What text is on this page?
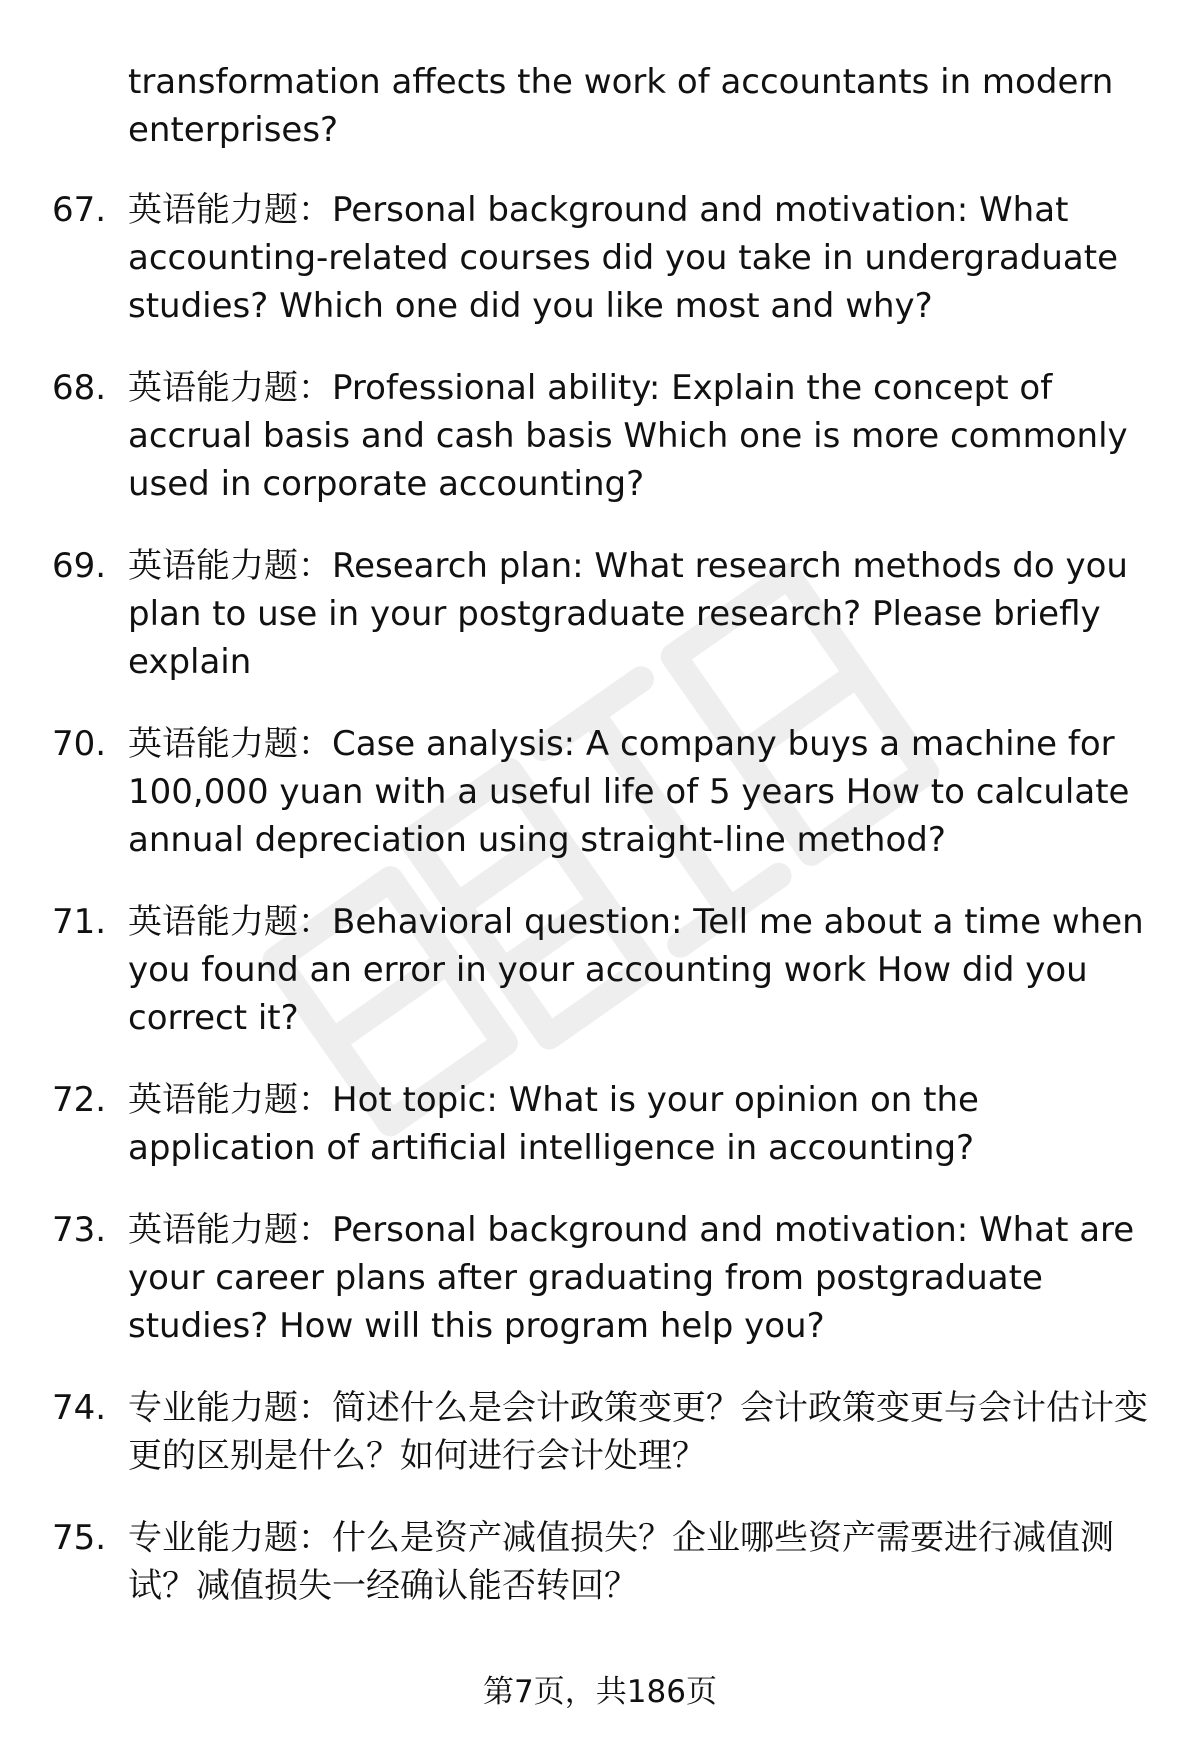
transformation affects the work of accountants in modern enterprises?
67. 英语能力题：Personal background and motivation: What accounting-related courses did you take in undergraduate studies? Which one did you like most and why?
68. 英语能力题：Professional ability: Explain the concept of accrual basis and cash basis Which one is more commonly used in corporate accounting?
69. 英语能力题：Research plan: What research methods do you plan to use in your postgraduate research? Please briefly explain
70. 英语能力题：Case analysis: A company buys a machine for 100,000 yuan with a useful life of 5 years How to calculate annual depreciation using straight-line method?
71. 英语能力题：Behavioral question: Tell me about a time when you found an error in your accounting work How did you correct it?
72. 英语能力题：Hot topic: What is your opinion on the application of artificial intelligence in accounting?
73. 英语能力题：Personal background and motivation: What are your career plans after graduating from postgraduate studies? How will this program help you?
74. 专业能力题：简述什么是会计政策变更？会计政策变更与会计估计变更的区别是什么？如何进行会计处理？
75. 专业能力题：什么是资产减值损失？企业哪些资产需要进行减值测试？减值损失一经确认能否转回？
第7页，共186页
